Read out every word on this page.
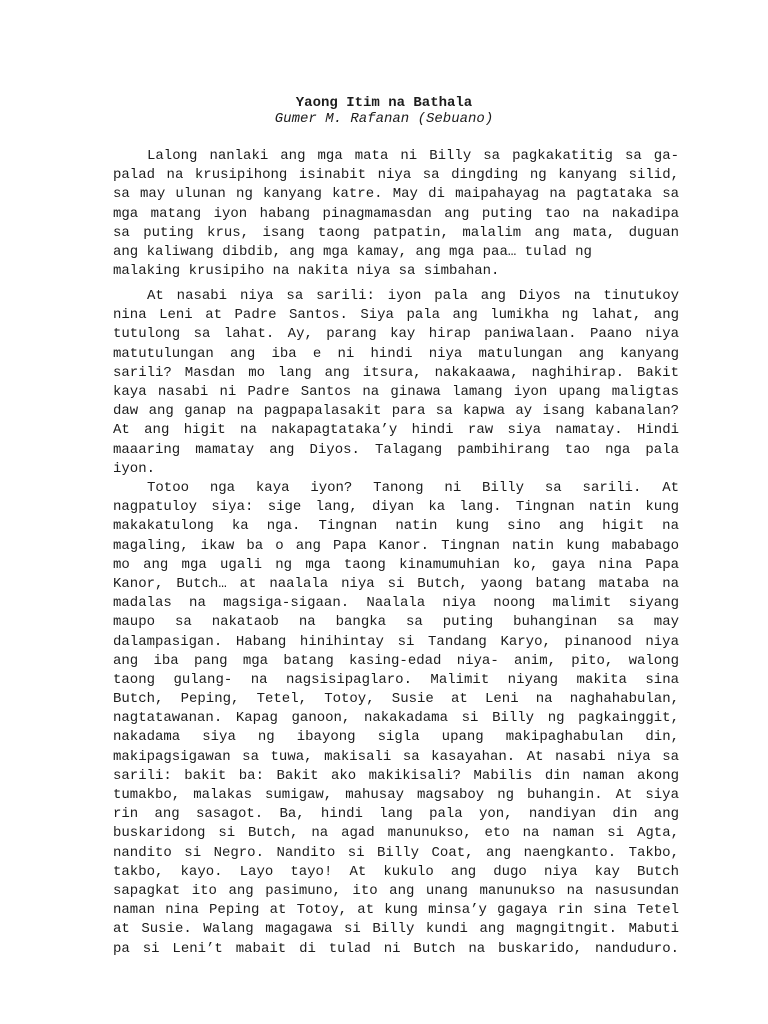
Yaong Itim na Bathala
Gumer M. Rafanan (Sebuano)
Lalong nanlaki ang mga mata ni Billy sa pagkakatitig sa ga-
palad na krusipihong isinabit niya sa dingding ng kanyang silid,
sa may ulunan ng kanyang katre. May di maipahayag na pagtataka sa
mga matang iyon habang pinagmamasdan ang puting tao na nakadipa
sa puting krus, isang taong patpatin, malalim ang mata, duguan
ang kaliwang dibdib, ang mga kamay, ang mga paa… tulad ng
malaking krusipiho na nakita niya sa simbahan.
At nasabi niya sa sarili: iyon pala ang Diyos na tinutukoy
nina Leni at Padre Santos. Siya pala ang lumikha ng lahat, ang
tutulong sa lahat. Ay, parang kay hirap paniwalaan. Paano niya
matutulungan ang iba e ni hindi niya matulungan ang kanyang
sarili? Masdan mo lang ang itsura, nakakaawa, naghihirap. Bakit
kaya nasabi ni Padre Santos na ginawa lamang iyon upang maligtas
daw ang ganap na pagpapalasakit para sa kapwa ay isang kabanalan?
At ang higit na nakapagtataka’y hindi raw siya namatay. Hindi
maaaring mamatay ang Diyos. Talagang pambihirang tao nga pala
iyon.
Totoo nga kaya iyon? Tanong ni Billy sa sarili. At
nagpatuloy siya: sige lang, diyan ka lang. Tingnan natin kung
makakatulong ka nga. Tingnan natin kung sino ang higit na
magaling, ikaw ba o ang Papa Kanor. Tingnan natin kung mababago
mo ang mga ugali ng mga taong kinamumuhian ko, gaya nina Papa
Kanor, Butch… at naalala niya si Butch, yaong batang mataba na
madalas na magsiga-sigaan. Naalala niya noong malimit siyang
maupo sa nakataob na bangka sa puting buhanginan sa may
dalampasigan. Habang hinihintay si Tandang Karyo, pinanood niya
ang iba pang mga batang kasing-edad niya- anim, pito, walong
taong gulang- na nagsisipaglaro. Malimit niyang makita sina
Butch, Peping, Tetel, Totoy, Susie at Leni na naghahabulan,
nagtatawanan. Kapag ganoon, nakakadama si Billy ng pagkainggit,
nakadama siya ng ibayong sigla upang makipaghabulan din,
makipagsigawan sa tuwa, makisali sa kasayahan. At nasabi niya sa
sarili: bakit ba: Bakit ako makikisali? Mabilis din naman akong
tumakbo, malakas sumigaw, mahusay magsaboy ng buhangin. At siya
rin ang sasagot. Ba, hindi lang pala yon, nandiyan din ang
buskaridong si Butch, na agad manunukso, eto na naman si Agta,
nandito si Negro. Nandito si Billy Coat, ang naengkanto. Takbo,
takbo, kayo. Layo tayo! At kukulo ang dugo niya kay Butch
sapagkat ito ang pasimuno, ito ang unang manunukso na nasusundan
naman nina Peping at Totoy, at kung minsa’y gagaya rin sina Tetel
at Susie. Walang magagawa si Billy kundi ang magngitngit. Mabuti
pa si Leni’t mabait di tulad ni Butch na buskarido, nanduduro.
